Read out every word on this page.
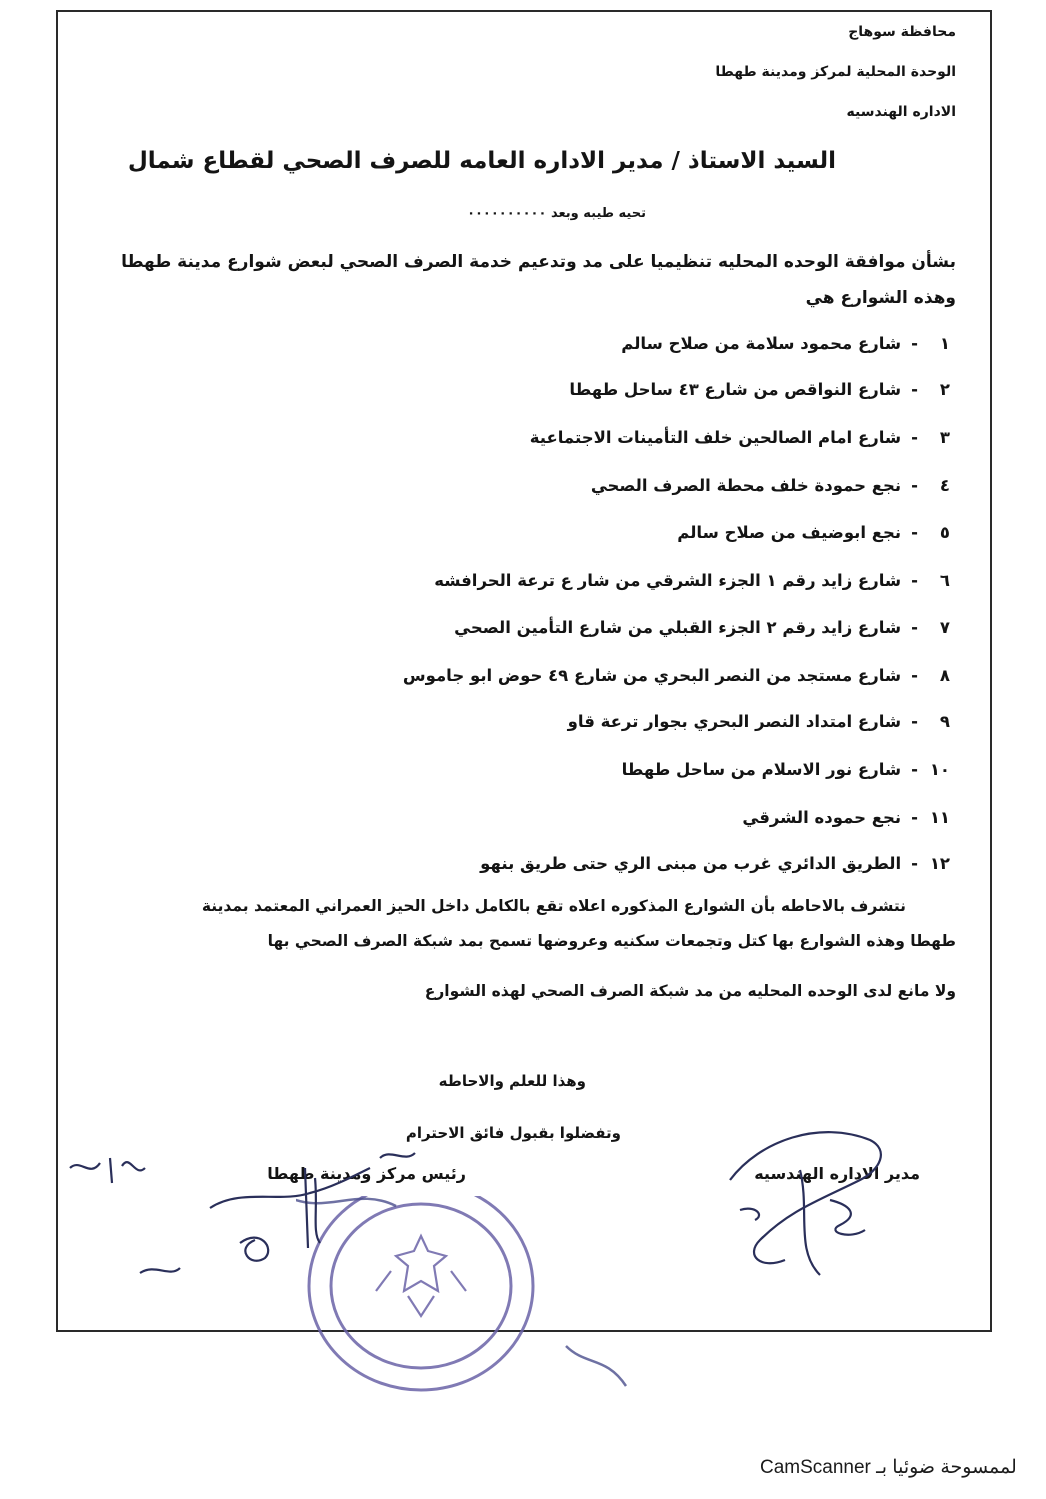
محافظة سوهاج
الوحدة المحلية لمركز ومدينة طهطا
الاداره الهندسيه
السيد الاستاذ / مدير الاداره العامه للصرف الصحي لقطاع شمال
تحيه طيبه وبعد ٠٠٠٠٠٠٠٠٠٠
بشأن موافقة الوحده المحليه تنظيميا على مد وتدعيم خدمة الصرف الصحي لبعض شوارع مدينة طهطا
وهذه الشوارع هي
١
-
شارع محمود سلامة من صلاح سالم
٢
-
شارع النواقص من شارع ٤٣ ساحل طهطا
٣
-
شارع امام الصالحين خلف التأمينات الاجتماعية
٤
-
نجع حمودة خلف محطة الصرف الصحي
٥
-
نجع ابوضيف من صلاح سالم
٦
-
شارع زايد رقم ١ الجزء الشرقي من شار ع ترعة الحرافشه
٧
-
شارع زايد رقم ٢ الجزء القبلي من شارع التأمين الصحي
٨
-
شارع مستجد من النصر البحري من شارع ٤٩ حوض ابو جاموس
٩
-
شارع امتداد النصر البحري بجوار ترعة قاو
١٠
-
شارع نور الاسلام من ساحل طهطا
١١
-
نجع حموده الشرقي
١٢
-
الطريق الدائري غرب من مبنى الري حتى طريق بنهو
نتشرف بالاحاطه بأن الشوارع المذكوره اعلاه تقع بالكامل داخل الحيز العمراني المعتمد بمدينة
طهطا وهذه الشوارع بها كتل وتجمعات سكنيه وعروضها تسمح بمد شبكة الصرف الصحي بها
ولا مانع لدى الوحده المحليه من مد شبكة الصرف الصحي لهذه الشوارع
وهذا للعلم والاحاطه
وتفضلوا بقبول فائق الاحترام
رئيس مركز ومدينة طهطا	مدير الاداره الهندسيه
لممسوحة ضوئيا بـ CamScanner
